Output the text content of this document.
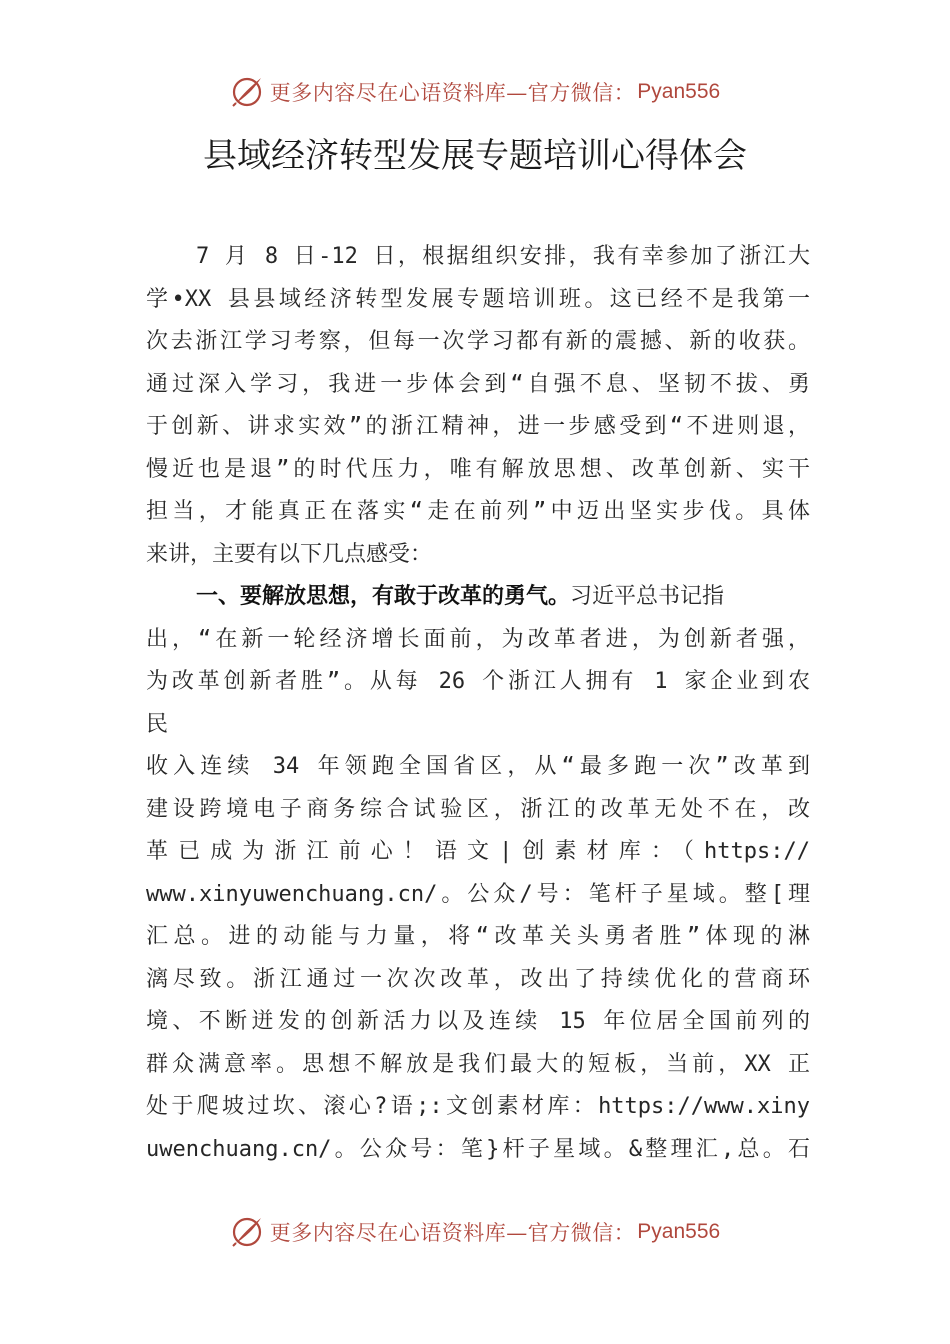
更多内容尽在心语资料库—官方微信： Pyan556
县域经济转型发展专题培训心得体会
7 月 8 日-12 日，根据组织安排，我有幸参加了浙江大
学•XX 县县域经济转型发展专题培训班。这已经不是我第一
次去浙江学习考察，但每一次学习都有新的震撼、新的收获。
通过深入学习，我进一步体会到“自强不息、坚韧不拔、勇
于创新、讲求实效”的浙江精神，进一步感受到“不进则退，
慢近也是退”的时代压力，唯有解放思想、改革创新、实干
担当，才能真正在落实“走在前列”中迈出坚实步伐。具体
来讲，主要有以下几点感受：
一、要解放思想，有敢于改革的勇气。习近平总书记指
出，“在新一轮经济增长面前，为改革者进，为创新者强，
为改革创新者胜”。从每 26 个浙江人拥有 1 家企业到农
民
收入连续 34 年领跑全国省区，从“最多跑一次”改革到
建设跨境电子商务综合试验区，浙江的改革无处不在，改
革已成为浙江前心！语文|创素材库：（https://
www.xinyuwenchuang.cn/。公众/号：笔杆子星域。整[理
汇总。进的动能与力量，将“改革关头勇者胜”体现的淋
漓尽致。浙江通过一次次改革，改出了持续优化的营商环
境、不断迸发的创新活力以及连续 15 年位居全国前列的
群众满意率。思想不解放是我们最大的短板，当前，XX 正
处于爬坡过坎、滚心?语;:文创素材库：https://www.xiny
uwenchuang.cn/。公众号：笔}杆子星域。&整理汇,总。石
更多内容尽在心语资料库—官方微信： Pyan556
